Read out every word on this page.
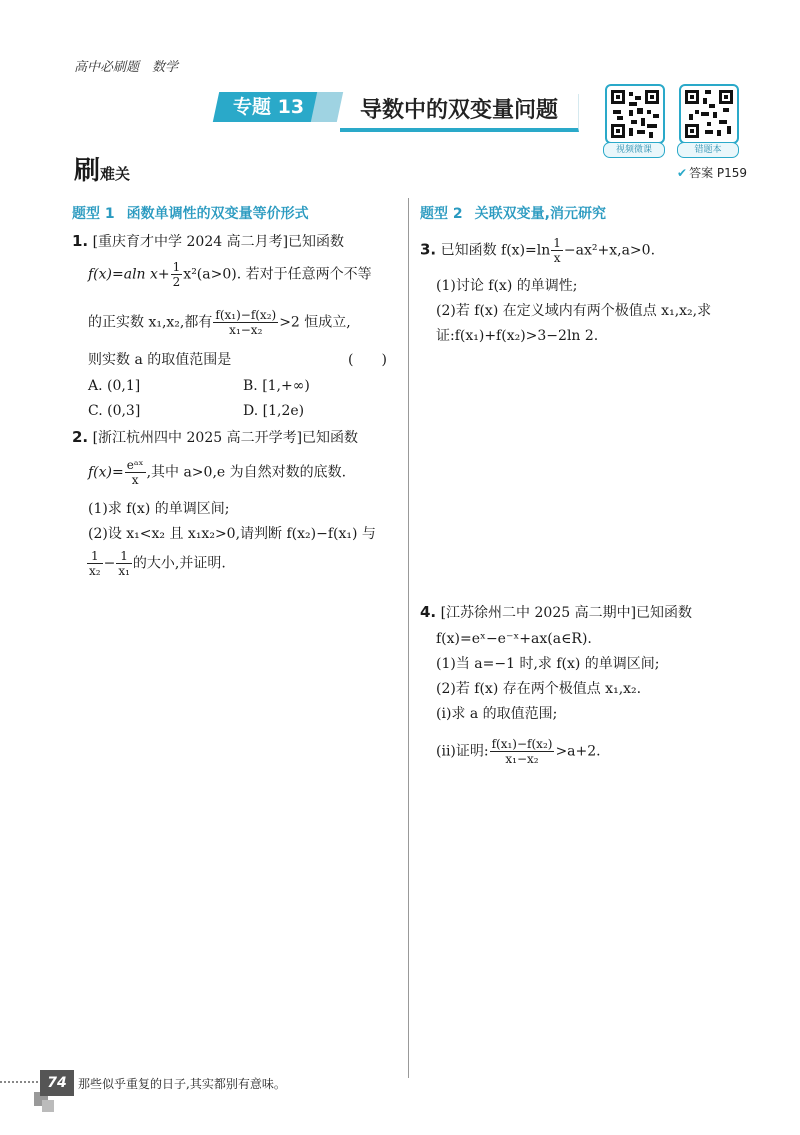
高中必刷题　数学
专题 13	导数中的双变量问题
视频微课	错题本
刷难关	✔ 答案 P159
题型 1 函数单调性的双变量等价形式
1. [重庆育才中学 2024 高二月考]已知函数
f(x)=aln $x+ \frac{1}{2} x^2(a>0)$. 若对于任意两个不等
的正实数 x₁,x₂,都有 $\frac{\text{f(x₁)−f(x₂)}}{\text{x₁−x₂}} >2$ 恒成立,
则实数 a 的取值范围是	(　　)
A. (0,1]	B. [1,+∞)
C. (0,3]	D. [1,2e)
2. [浙江杭州四中 2025 高二开学考]已知函数
$f(x)= \frac{\text{eᵃˣ}}{x}$ ,其中 a>0,e 为自然对数的底数.
(1)求 f(x) 的单调区间;
(2)设 x₁<x₂ 且 x₁x₂>0,请判断 f(x₂)−f(x₁) 与
$\frac{1}{\text{x₂}} - \frac{1}{\text{x₁}}$ 的大小,并证明.
题型 2 关联双变量,消元研究
3. 已知函数 $f(x)=\ln \frac{1}{x} -ax^2+x,a>0$.
(1)讨论 f(x) 的单调性;
(2)若 f(x) 在定义域内有两个极值点 x₁,x₂,求
证:f(x₁)+f(x₂)>3−2ln 2.
4. [江苏徐州二中 2025 高二期中]已知函数
f(x)=eˣ−e⁻ˣ+ax(a∈R).
(1)当 a=−1 时,求 f(x) 的单调区间;
(2)若 f(x) 存在两个极值点 x₁,x₂.
(i)求 a 的取值范围;
(ii)证明: $\frac{\text{f(x₁)−f(x₂)}}{\text{x₁−x₂}} >a+2$.
74 那些似乎重复的日子,其实都别有意味。
